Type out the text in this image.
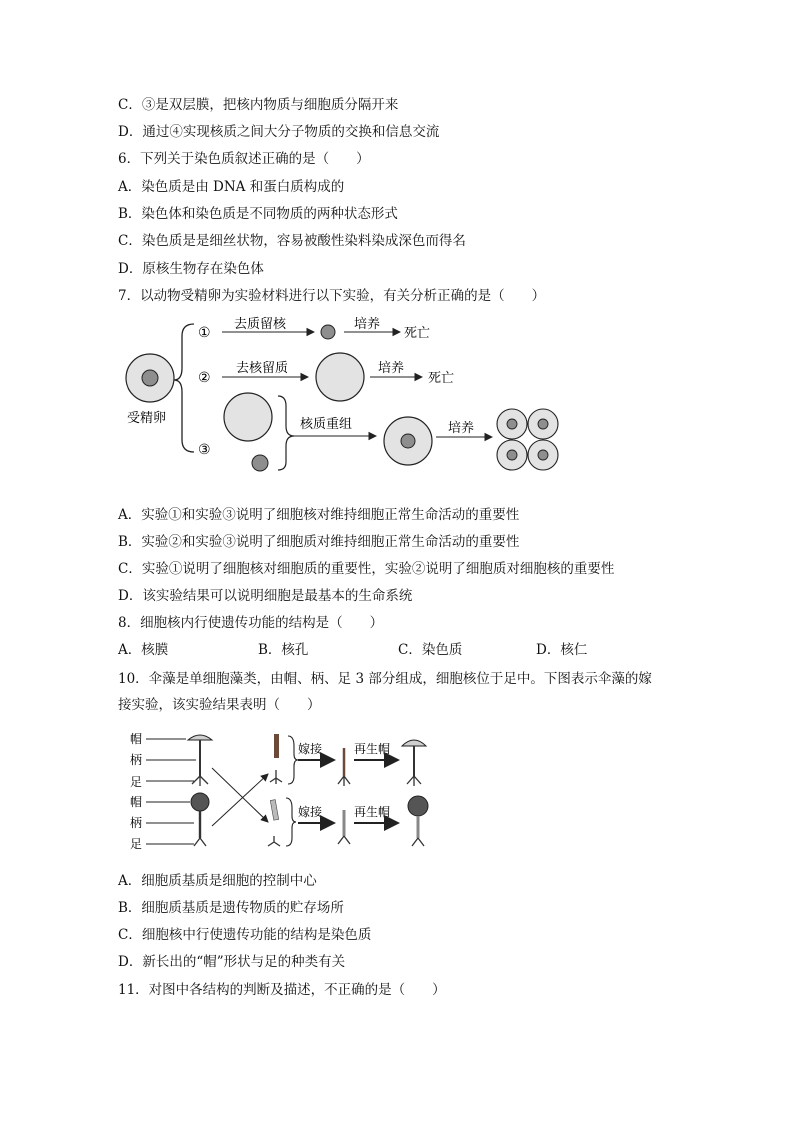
C．③是双层膜，把核内物质与细胞质分隔开来
D．通过④实现核质之间大分子物质的交换和信息交流
6．下列关于染色质叙述正确的是（　　）
A．染色质是由 DNA 和蛋白质构成的
B．染色体和染色质是不同物质的两种状态形式
C．染色质是是细丝状物，容易被酸性染料染成深色而得名
D．原核生物存在染色体
7．以动物受精卵为实验材料进行以下实验，有关分析正确的是（　　）
受精卵
①
去质留核	培养
死亡
②
去核留质	培养
死亡
③
核质重组	培养
A．实验①和实验③说明了细胞核对维持细胞正常生命活动的重要性
B．实验②和实验③说明了细胞质对维持细胞正常生命活动的重要性
C．实验①说明了细胞核对细胞质的重要性，实验②说明了细胞质对细胞核的重要性
D．该实验结果可以说明细胞是最基本的生命系统
8．细胞核内行使遗传功能的结构是（　　）
A．核膜	B．核孔	C．染色质	D．核仁
10．伞藻是单细胞藻类，由帽、柄、足 3 部分组成，细胞核位于足中。下图表示伞藻的嫁
接实验，该实验结果表明（　　）
帽
柄
足
帽
柄
足
嫁接	再生帽
嫁接	再生帽
A．细胞质基质是细胞的控制中心
B．细胞质基质是遗传物质的贮存场所
C．细胞核中行使遗传功能的结构是染色质
D．新长出的“帽”形状与足的种类有关
11．对图中各结构的判断及描述，不正确的是（　　）
